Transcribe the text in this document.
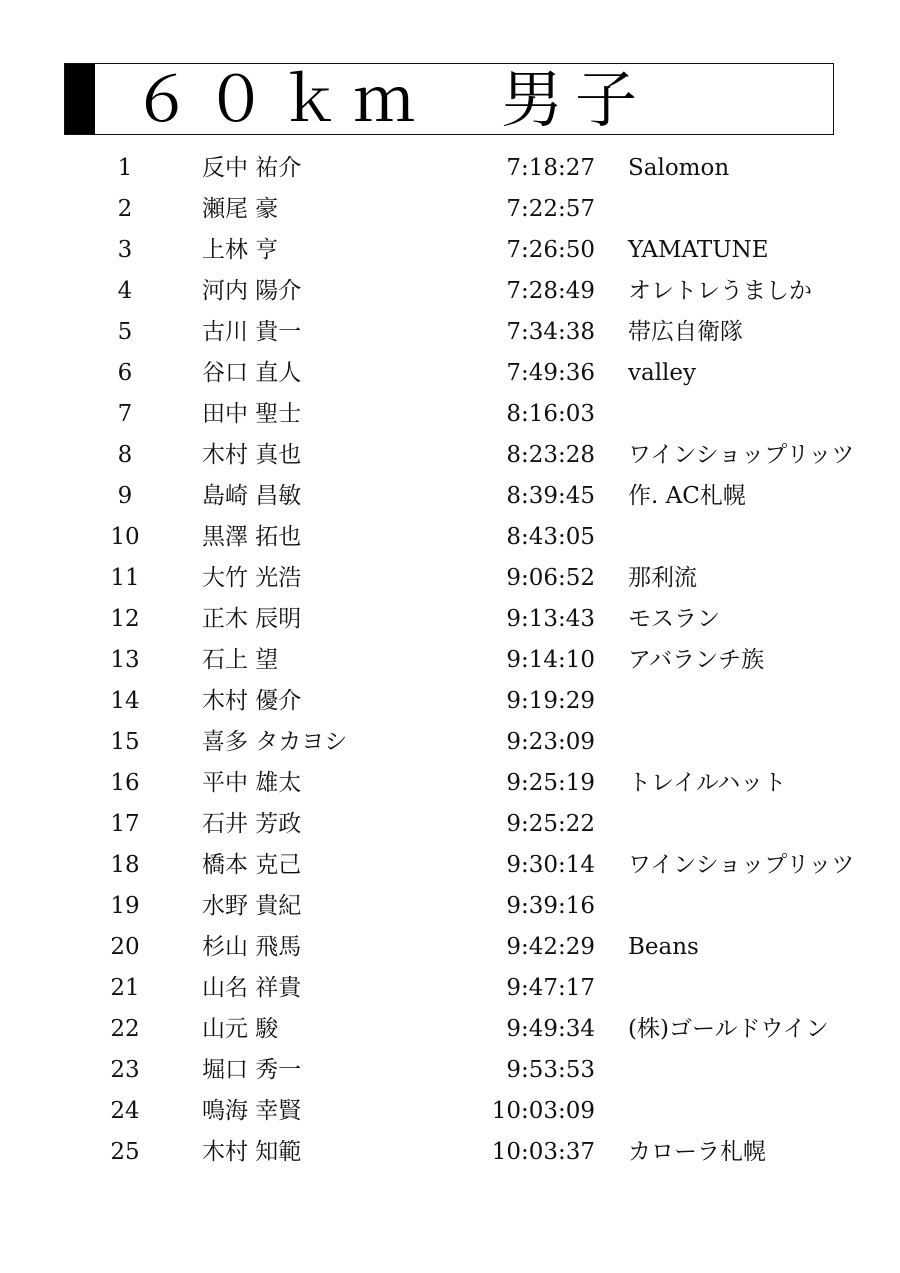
６０ｋｍ　男子
1	反中 祐介	7:18:27 Salomon
2	瀬尾 豪	7:22:57
3	上林 亨	7:26:50 YAMATUNE
4	河内 陽介	7:28:49 オレトレうましか
5	古川 貴一	7:34:38 帯広自衛隊
6	谷口 直人	7:49:36 valley
7	田中 聖士	8:16:03
8	木村 真也	8:23:28 ワインショップリッツ
9	島崎 昌敏	8:39:45 作. AC札幌
10	黒澤 拓也	8:43:05
11	大竹 光浩	9:06:52 那利流
12	正木 辰明	9:13:43 モスラン
13	石上 望	9:14:10 アバランチ族
14	木村 優介	9:19:29
15	喜多 タカヨシ	9:23:09
16	平中 雄太	9:25:19 トレイルハット
17	石井 芳政	9:25:22
18	橋本 克己	9:30:14 ワインショップリッツ
19	水野 貴紀	9:39:16
20	杉山 飛馬	9:42:29 Beans
21	山名 祥貴	9:47:17
22	山元 駿	9:49:34 (株)ゴールドウイン
23	堀口 秀一	9:53:53
24	鳴海 幸賢	10:03:09
25	木村 知範	10:03:37 カローラ札幌
